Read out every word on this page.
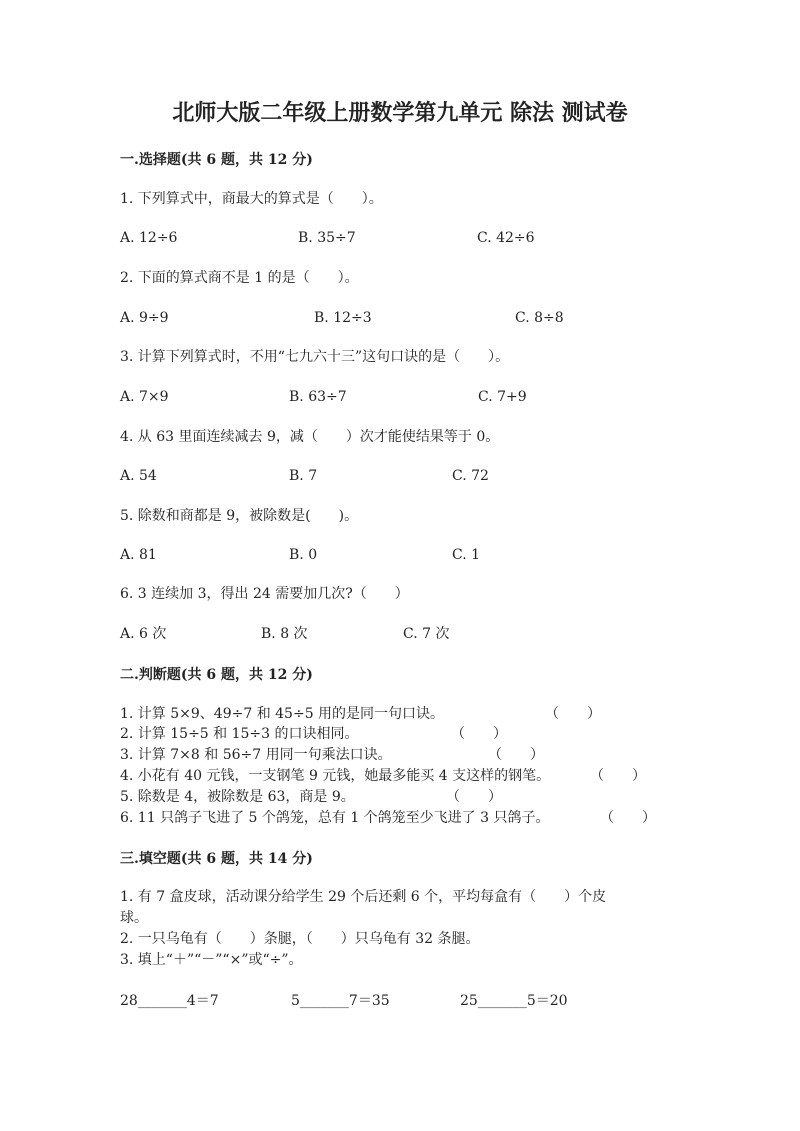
北师大版二年级上册数学第九单元 除法 测试卷
一.选择题(共 6 题，共 12 分)
1. 下列算式中，商最大的算式是（　　）。
A. 12÷6	B. 35÷7	C. 42÷6
2. 下面的算式商不是 1 的是（　　）。
A. 9÷9	B. 12÷3	C. 8÷8
3. 计算下列算式时，不用“七九六十三”这句口诀的是（　　）。
A. 7×9	B. 63÷7	C. 7+9
4. 从 63 里面连续减去 9，减（　　）次才能使结果等于 0。
A. 54	B. 7	C. 72
5. 除数和商都是 9，被除数是(　　)。
A. 81	B. 0	C. 1
6. 3 连续加 3，得出 24 需要加几次?（　　）
A. 6 次	B. 8 次	C. 7 次
二.判断题(共 6 题，共 12 分)
1. 计算 5×9、49÷7 和 45÷5 用的是同一句口诀。	（　　）
2. 计算 15÷5 和 15÷3 的口诀相同。	（　　）
3. 计算 7×8 和 56÷7 用同一句乘法口诀。	（　　）
4. 小花有 40 元钱，一支钢笔 9 元钱，她最多能买 4 支这样的钢笔。	（　　）
5. 除数是 4，被除数是 63，商是 9。	（　　）
6. 11 只鸽子飞进了 5 个鸽笼，总有 1 个鸽笼至少飞进了 3 只鸽子。	（　　）
三.填空题(共 6 题，共 14 分)
1. 有 7 盒皮球，活动课分给学生 29 个后还剩 6 个，平均每盒有（　　）个皮
球。
2. 一只乌龟有（　　）条腿，（　　）只乌龟有 32 条腿。
3. 填上“＋”“－”“×”或“÷”。
28_______4＝7	5_______7＝35	25_______5＝20
